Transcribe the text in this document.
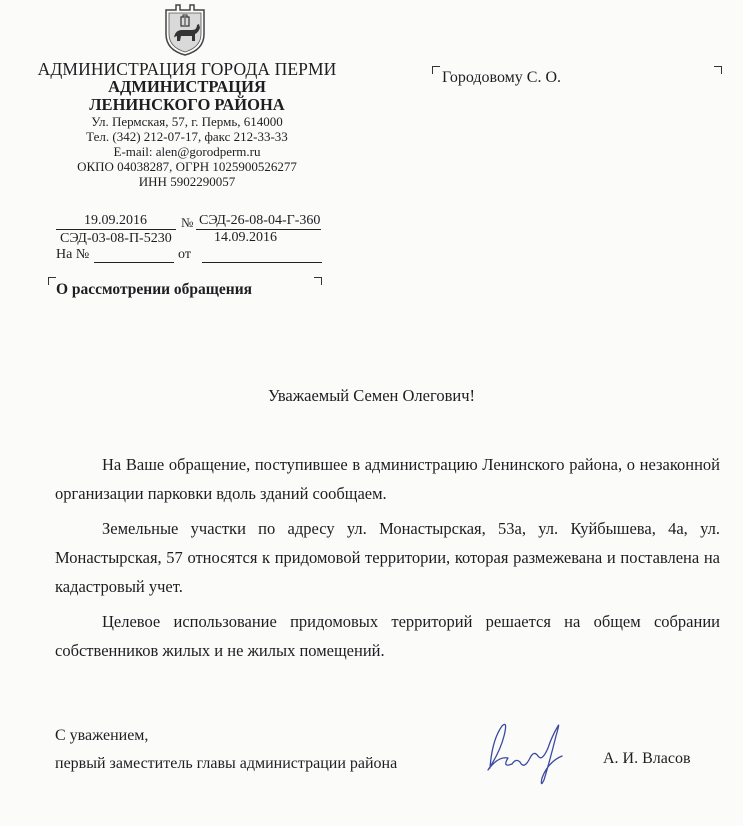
АДМИНИСТРАЦИЯ ГОРОДА ПЕРМИ
АДМИНИСТРАЦИЯ
ЛЕНИНСКОГО РАЙОНА
Ул. Пермская, 57, г. Пермь, 614000
Тел. (342) 212-07-17, факс 212-33-33
E-mail: alen@gorodperm.ru
ОКПО 04038287, ОГРН 1025900526277
ИНН 5902290057
Городовому С. О.
19.09.2016	№ СЭД-26-08-04-Г-360
СЭД-03-08-П-5230	14.09.2016
На №	от
О рассмотрении обращения
Уважаемый Семен Олегович!

На Ваше обращение, поступившее в администрацию Ленинского района, о незаконной организации парковки вдоль зданий сообщаем.

Земельные участки по адресу ул. Монастырская, 53а, ул. Куйбышева, 4а, ул. Монастырская, 57 относятся к придомовой территории, которая размежевана и поставлена на кадастровый учет.

Целевое использование придомовых территорий решается на общем собрании собственников жилых и не жилых помещений.

С уважением,
первый заместитель главы администрации района	А. И. Власов
